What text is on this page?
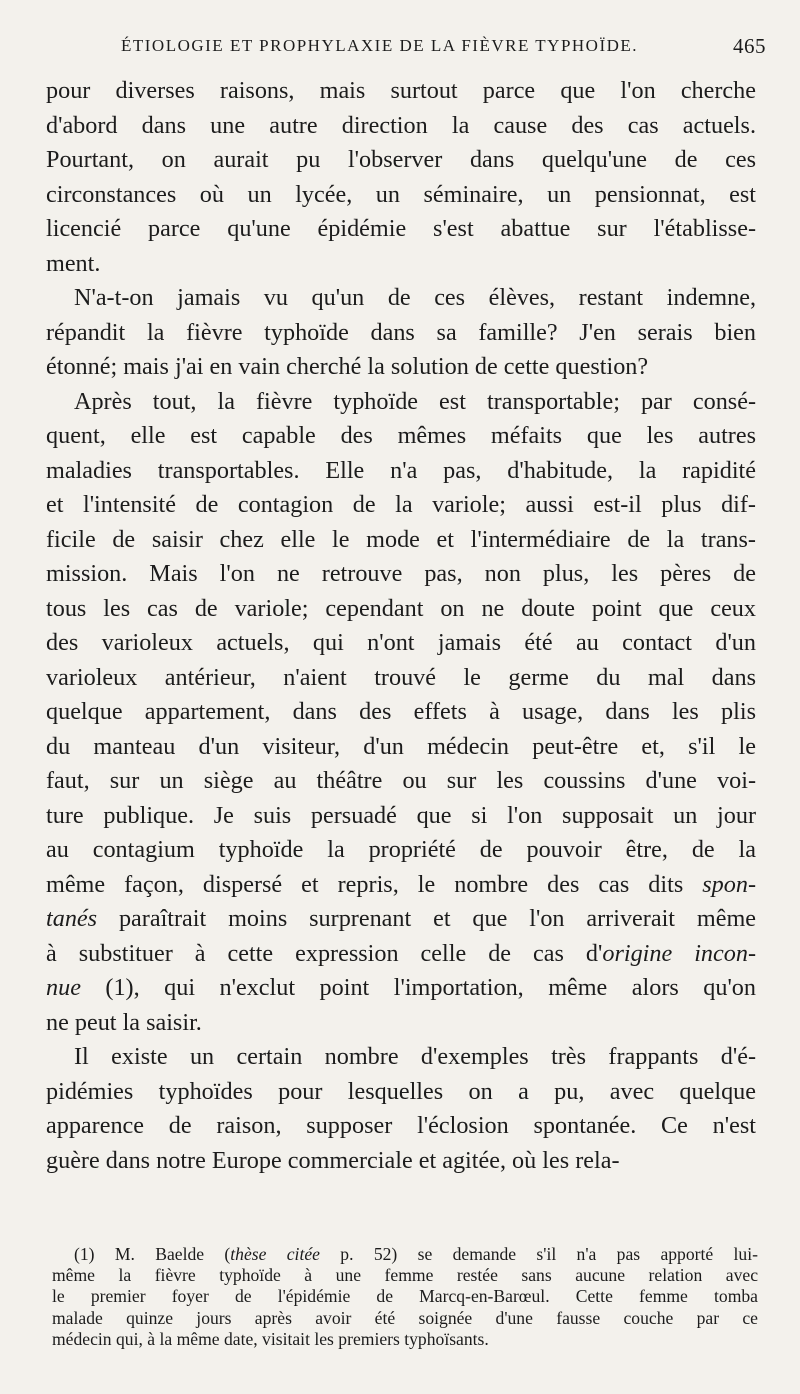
ÉTIOLOGIE ET PROPHYLAXIE DE LA FIÈVRE TYPHOÏDE.	465

pour diverses raisons, mais surtout parce que l'on cherche
d'abord dans une autre direction la cause des cas actuels.
Pourtant, on aurait pu l'observer dans quelqu'une de ces
circonstances où un lycée, un séminaire, un pensionnat, est
licencié parce qu'une épidémie s'est abattue sur l'établisse-
ment.

N'a-t-on jamais vu qu'un de ces élèves, restant indemne,
répandit la fièvre typhoïde dans sa famille? J'en serais bien
étonné; mais j'ai en vain cherché la solution de cette question?

Après tout, la fièvre typhoïde est transportable; par consé-
quent, elle est capable des mêmes méfaits que les autres
maladies transportables. Elle n'a pas, d'habitude, la rapidité
et l'intensité de contagion de la variole; aussi est-il plus dif-
ficile de saisir chez elle le mode et l'intermédiaire de la trans-
mission. Mais l'on ne retrouve pas, non plus, les pères de
tous les cas de variole; cependant on ne doute point que ceux
des varioleux actuels, qui n'ont jamais été au contact d'un
varioleux antérieur, n'aient trouvé le germe du mal dans
quelque appartement, dans des effets à usage, dans les plis
du manteau d'un visiteur, d'un médecin peut-être et, s'il le
faut, sur un siège au théâtre ou sur les coussins d'une voi-
ture publique. Je suis persuadé que si l'on supposait un jour
au contagium typhoïde la propriété de pouvoir être, de la
même façon, dispersé et repris, le nombre des cas dits spon-
tanés paraîtrait moins surprenant et que l'on arriverait même
à substituer à cette expression celle de cas d'origine incon-
nue (1), qui n'exclut point l'importation, même alors qu'on
ne peut la saisir.

Il existe un certain nombre d'exemples très frappants d'é-
pidémies typhoïdes pour lesquelles on a pu, avec quelque
apparence de raison, supposer l'éclosion spontanée. Ce n'est
guère dans notre Europe commerciale et agitée, où les rela-

(1) M. Baelde (thèse citée p. 52) se demande s'il n'a pas apporté lui-
même la fièvre typhoïde à une femme restée sans aucune relation avec
le premier foyer de l'épidémie de Marcq-en-Barœul. Cette femme tomba
malade quinze jours après avoir été soignée d'une fausse couche par ce
médecin qui, à la même date, visitait les premiers typhoïsants.
